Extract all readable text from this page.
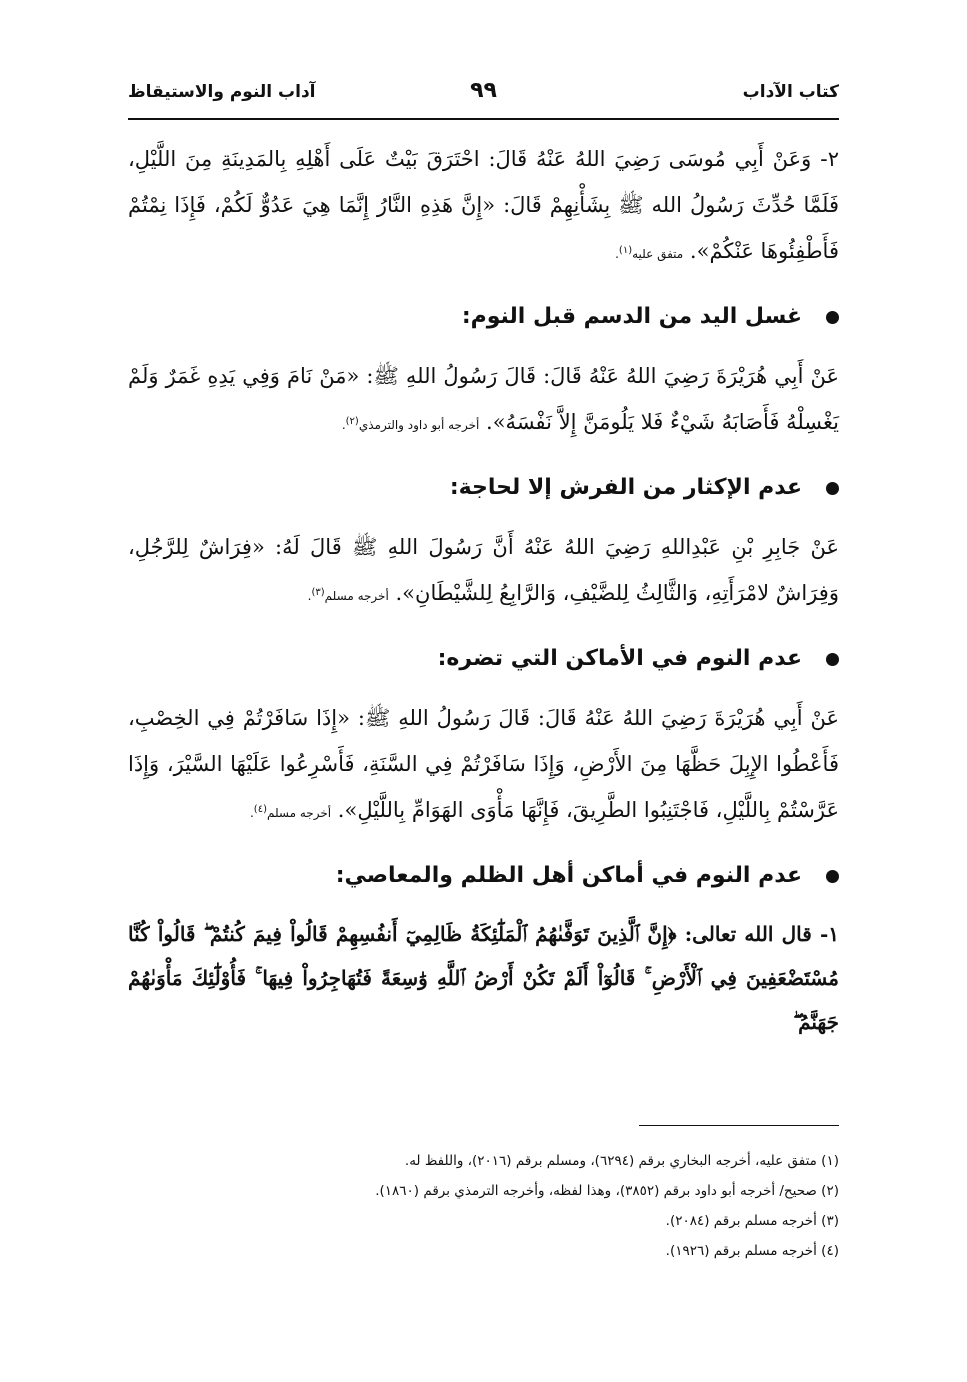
كتاب الآداب
٩٩
آداب النوم والاستيقاظ

٢- وَعَنْ أَبِي مُوسَى رَضِيَ اللهُ عَنْهُ قَالَ: احْتَرَقَ بَيْتٌ عَلَى أَهْلِهِ بِالمَدِينَةِ مِنَ اللَّيْلِ، فَلَمَّا حُدِّثَ رَسُولُ الله ﷺ بِشَأْنِهِمْ قَالَ: «إِنَّ هَذِهِ النَّارُ إِنَّمَا هِيَ عَدُوٌّ لَكُمْ، فَإِذَا نِمْتُمْ فَأَطْفِئُوهَا عَنْكُمْ». متفق عليه$^{(١)}$.

غسل اليد من الدسم قبل النوم:

عَنْ أَبِي هُرَيْرَةَ رَضِيَ اللهُ عَنْهُ قَالَ: قَالَ رَسُولُ اللهِ ﷺ: «مَنْ نَامَ وَفِي يَدِهِ غَمَرٌ وَلَمْ يَغْسِلْهُ فَأَصَابَهُ شَيْءٌ فَلا يَلُومَنَّ إِلاَّ نَفْسَهُ». أخرجه أبو داود والترمذي$^{(٢)}$.

عدم الإكثار من الفرش إلا لحاجة:

عَنْ جَابِرِ بْنِ عَبْدِاللهِ رَضِيَ اللهُ عَنْهُ أَنَّ رَسُولَ اللهِ ﷺ قَالَ لَهُ: «فِرَاشٌ لِلرَّجُلِ، وَفِرَاشٌ لامْرَأَتِهِ، وَالثَّالِثُ لِلضَّيْفِ، وَالرَّابِعُ لِلشَّيْطَانِ». أخرجه مسلم$^{(٣)}$.

عدم النوم في الأماكن التي تضره:

عَنْ أَبِي هُرَيْرَةَ رَضِيَ اللهُ عَنْهُ قَالَ: قَالَ رَسُولُ اللهِ ﷺ: «إِذَا سَافَرْتُمْ فِي الخِصْبِ، فَأَعْطُوا الإِبِلَ حَظَّهَا مِنَ الأَرْضِ، وَإِذَا سَافَرْتُمْ فِي السَّنَةِ، فَأَسْرِعُوا عَلَيْهَا السَّيْرَ، وَإِذَا عَرَّسْتُمْ بِاللَّيْلِ، فَاجْتَنِبُوا الطَّرِيقَ، فَإِنَّهَا مَأْوَى الهَوَامِّ بِاللَّيْلِ». أخرجه مسلم$^{(٤)}$.

عدم النوم في أماكن أهل الظلم والمعاصي:

١- قال الله تعالى: ﴿إِنَّ ٱلَّذِينَ تَوَفَّىٰهُمُ ٱلْمَلَٰٓئِكَةُ ظَالِمِيٓ أَنفُسِهِمْ قَالُواْ فِيمَ كُنتُمْ ۖ قَالُواْ كُنَّا مُسْتَضْعَفِينَ فِي ٱلْأَرْضِ ۚ قَالُوٓاْ أَلَمْ تَكُنْ أَرْضُ ٱللَّهِ وَٰسِعَةً فَتُهَاجِرُواْ فِيهَا ۚ فَأُوْلَٰٓئِكَ مَأْوَىٰهُمْ جَهَنَّمُ ۖ

(١) متفق عليه، أخرجه البخاري برقم (٦٢٩٤)، ومسلم برقم (٢٠١٦)، واللفظ له.

(٢) صحيح/ أخرجه أبو داود برقم (٣٨٥٢)، وهذا لفظه، وأخرجه الترمذي برقم (١٨٦٠).

(٣) أخرجه مسلم برقم (٢٠٨٤).

(٤) أخرجه مسلم برقم (١٩٢٦).
